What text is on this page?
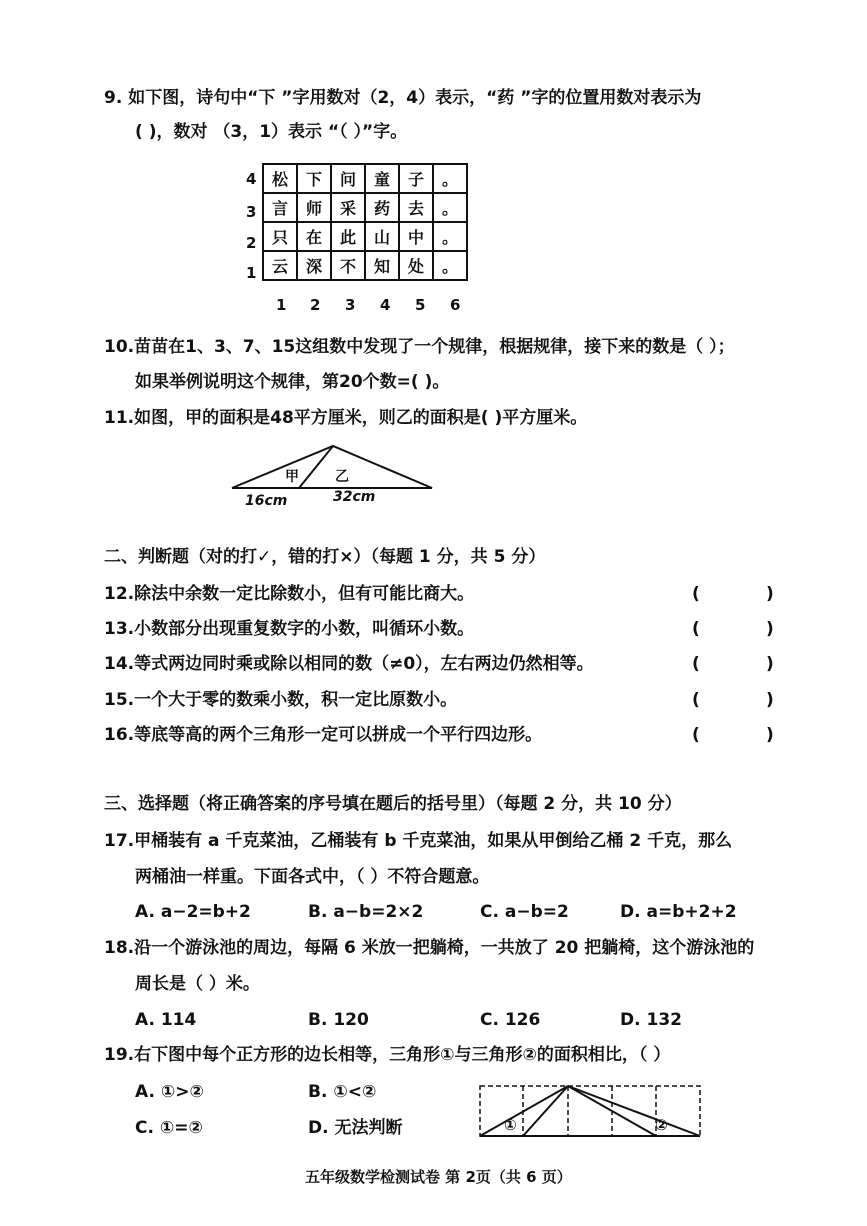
9. 如下图，诗句中“下 ”字用数对（2，4）表示，“药 ”字的位置用数对表示为
( )，数对 （3，1）表示 “（ ）”字。
4
3
2
1
松	下	问	童	子	。
言	师	采	药	去	。
只	在	此	山	中	。
云	深	不	知	处	。
1 2 3 4 5 6
10.苗苗在1、3、7、15这组数中发现了一个规律，根据规律，接下来的数是（ ）；
如果举例说明这个规律，第20个数=( )。
11.如图，甲的面积是48平方厘米，则乙的面积是( )平方厘米。
甲	乙
16cm	32cm
二、判断题（对的打✓，错的打×）（每题 1 分，共 5 分）
12.除法中余数一定比除数小，但有可能比商大。	(	)
13.小数部分出现重复数字的小数，叫循环小数。	(	)
14.等式两边同时乘或除以相同的数（≠0），左右两边仍然相等。	(	)
15.一个大于零的数乘小数，积一定比原数小。	(	)
16.等底等高的两个三角形一定可以拼成一个平行四边形。	(	)
三、选择题（将正确答案的序号填在题后的括号里）（每题 2 分，共 10 分）
17.甲桶装有 a 千克菜油，乙桶装有 b 千克菜油，如果从甲倒给乙桶 2 千克，那么
两桶油一样重。下面各式中，（ ）不符合题意。
A. a−2=b+2	B. a−b=2×2	C. a−b=2	D. a=b+2+2
18.沿一个游泳池的周边，每隔 6 米放一把躺椅，一共放了 20 把躺椅，这个游泳池的
周长是（ ）米。
A. 114	B. 120	C. 126	D. 132
19.右下图中每个正方形的边长相等，三角形①与三角形②的面积相比，（ ）
A. ①>②	B. ①<②
C. ①=②	D. 无法判断	①	②
五年级数学检测试卷 第 2页（共 6 页）
